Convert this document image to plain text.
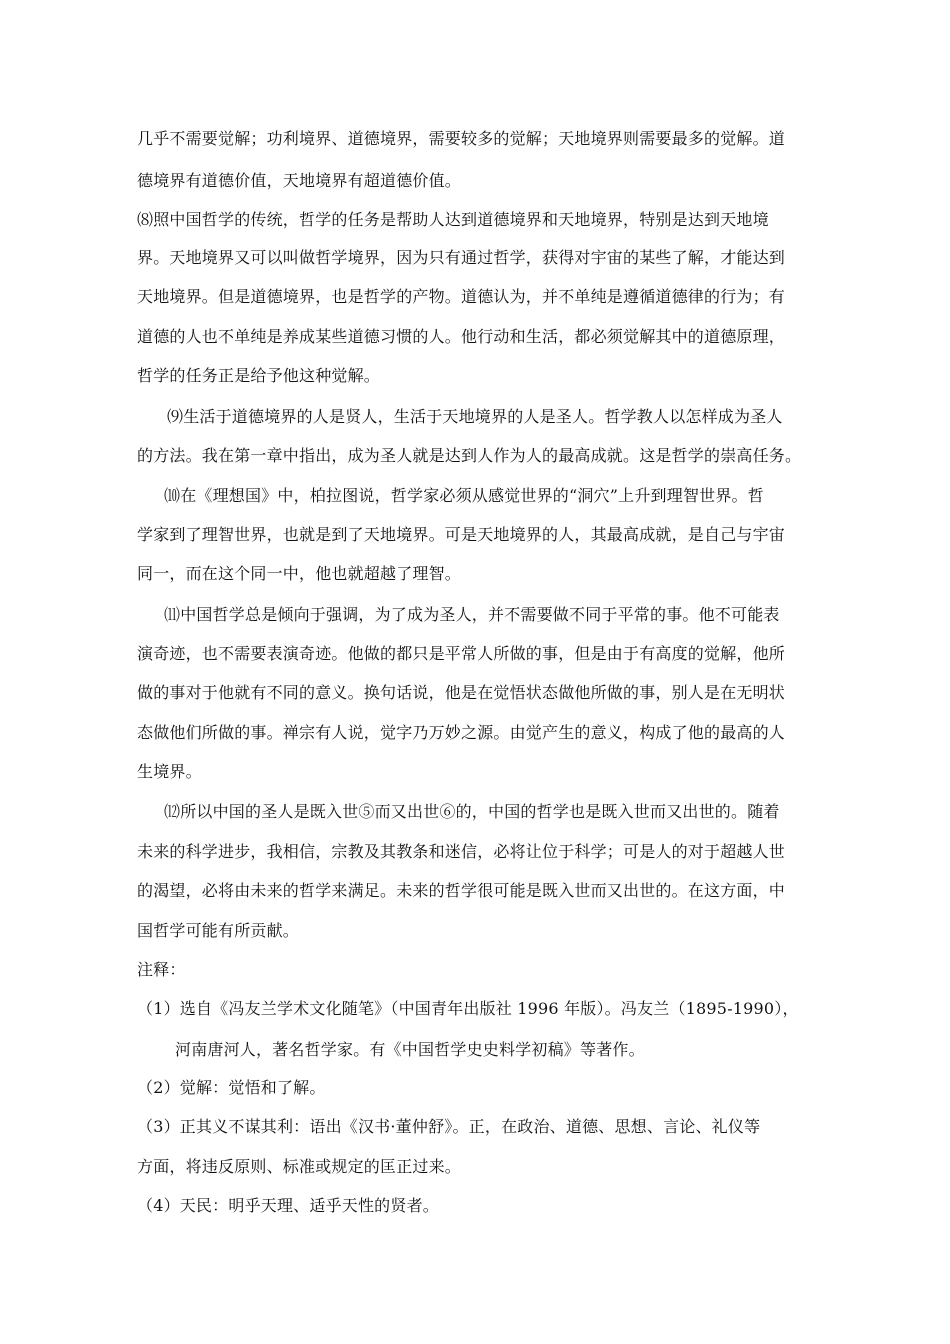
几乎不需要觉解；功利境界、道德境界，需要较多的觉解；天地境界则需要最多的觉解。道
德境界有道德价值，天地境界有超道德价值。
⑻照中国哲学的传统，哲学的任务是帮助人达到道德境界和天地境界，特别是达到天地境
界。天地境界又可以叫做哲学境界，因为只有通过哲学，获得对宇宙的某些了解，才能达到
天地境界。但是道德境界，也是哲学的产物。道德认为，并不单纯是遵循道德律的行为；有
道德的人也不单纯是养成某些道德习惯的人。他行动和生活，都必须觉解其中的道德原理，
哲学的任务正是给予他这种觉解。
⑼生活于道德境界的人是贤人，生活于天地境界的人是圣人。哲学教人以怎样成为圣人
的方法。我在第一章中指出，成为圣人就是达到人作为人的最高成就。这是哲学的崇高任务。
⑽在《理想国》中，柏拉图说，哲学家必须从感觉世界的“洞穴”上升到理智世界。哲
学家到了理智世界，也就是到了天地境界。可是天地境界的人，其最高成就，是自己与宇宙
同一，而在这个同一中，他也就超越了理智。
⑾中国哲学总是倾向于强调，为了成为圣人，并不需要做不同于平常的事。他不可能表
演奇迹，也不需要表演奇迹。他做的都只是平常人所做的事，但是由于有高度的觉解，他所
做的事对于他就有不同的意义。换句话说，他是在觉悟状态做他所做的事，别人是在无明状
态做他们所做的事。禅宗有人说，觉字乃万妙之源。由觉产生的意义，构成了他的最高的人
生境界。
⑿所以中国的圣人是既入世⑤而又出世⑥的，中国的哲学也是既入世而又出世的。随着
未来的科学进步，我相信，宗教及其教条和迷信，必将让位于科学；可是人的对于超越人世
的渴望，必将由未来的哲学来满足。未来的哲学很可能是既入世而又出世的。在这方面，中
国哲学可能有所贡献。
注释：
（1）选自《冯友兰学术文化随笔》（中国青年出版社 1996 年版）。冯友兰（1895-1990），
河南唐河人，著名哲学家。有《中国哲学史史料学初稿》等著作。
（2）觉解：觉悟和了解。
（3）正其义不谋其利：语出《汉书·董仲舒》。正，在政治、道德、思想、言论、礼仪等
方面，将违反原则、标准或规定的匡正过来。
（4）天民：明乎天理、适乎天性的贤者。
